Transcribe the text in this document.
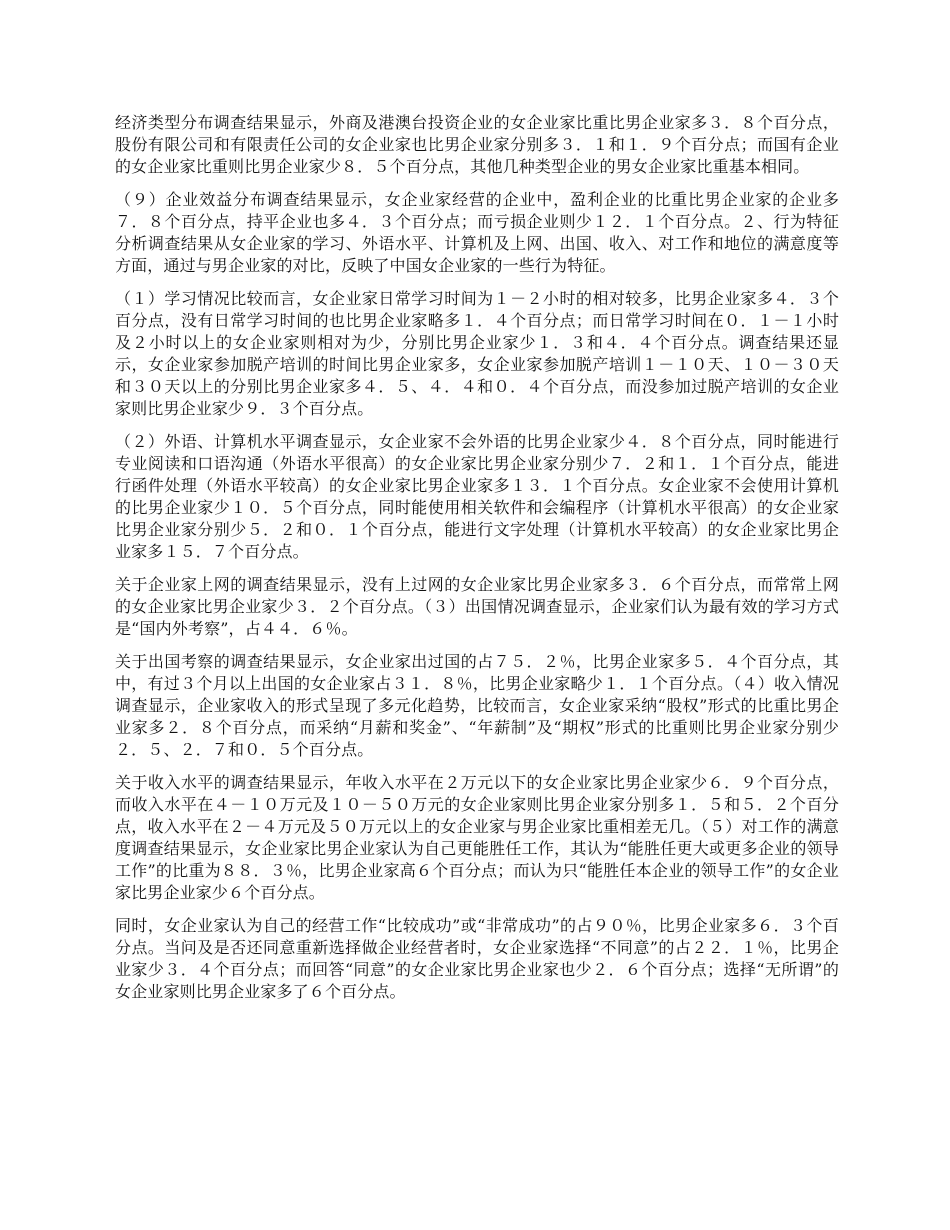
经济类型分布调查结果显示，外商及港澳台投资企业的女企业家比重比男企业家多３．８个百分点，股份有限公司和有限责任公司的女企业家也比男企业家分别多３．１和１．９个百分点；而国有企业的女企业家比重则比男企业家少８．５个百分点，其他几种类型企业的男女企业家比重基本相同。

（９）企业效益分布调查结果显示，女企业家经营的企业中，盈利企业的比重比男企业家的企业多７．８个百分点，持平企业也多４．３个百分点；而亏损企业则少１２．１个百分点。２、行为特征分析调查结果从女企业家的学习、外语水平、计算机及上网、出国、收入、对工作和地位的满意度等方面，通过与男企业家的对比，反映了中国女企业家的一些行为特征。

（１）学习情况比较而言，女企业家日常学习时间为１－２小时的相对较多，比男企业家多４．３个百分点，没有日常学习时间的也比男企业家略多１．４个百分点；而日常学习时间在０．１－１小时及２小时以上的女企业家则相对为少，分别比男企业家少１．３和４．４个百分点。调查结果还显示，女企业家参加脱产培训的时间比男企业家多，女企业家参加脱产培训１－１０天、１０－３０天和３０天以上的分别比男企业家多４．５、４．４和０．４个百分点，而没参加过脱产培训的女企业家则比男企业家少９．３个百分点。

（２）外语、计算机水平调查显示，女企业家不会外语的比男企业家少４．８个百分点，同时能进行专业阅读和口语沟通（外语水平很高）的女企业家比男企业家分别少７．２和１．１个百分点，能进行函件处理（外语水平较高）的女企业家比男企业家多１３．１个百分点。女企业家不会使用计算机的比男企业家少１０．５个百分点，同时能使用相关软件和会编程序（计算机水平很高）的女企业家比男企业家分别少５．２和０．１个百分点，能进行文字处理（计算机水平较高）的女企业家比男企业家多１５．７个百分点。

关于企业家上网的调查结果显示，没有上过网的女企业家比男企业家多３．６个百分点，而常常上网的女企业家比男企业家少３．２个百分点。（３）出国情况调查显示，企业家们认为最有效的学习方式是“国内外考察”，占４４．６％。

关于出国考察的调查结果显示，女企业家出过国的占７５．２％，比男企业家多５．４个百分点，其中，有过３个月以上出国的女企业家占３１．８％，比男企业家略少１．１个百分点。（４）收入情况调查显示，企业家收入的形式呈现了多元化趋势，比较而言，女企业家采纳“股权”形式的比重比男企业家多２．８个百分点，而采纳“月薪和奖金”、“年薪制”及“期权”形式的比重则比男企业家分别少２．５、２．７和０．５个百分点。

关于收入水平的调查结果显示，年收入水平在２万元以下的女企业家比男企业家少６．９个百分点，而收入水平在４－１０万元及１０－５０万元的女企业家则比男企业家分别多１．５和５．２个百分点，收入水平在２－４万元及５０万元以上的女企业家与男企业家比重相差无几。（５）对工作的满意度调查结果显示，女企业家比男企业家认为自己更能胜任工作，其认为“能胜任更大或更多企业的领导工作”的比重为８８．３％，比男企业家高６个百分点；而认为只“能胜任本企业的领导工作”的女企业家比男企业家少６个百分点。

同时，女企业家认为自己的经营工作“比较成功”或“非常成功”的占９０％，比男企业家多６．３个百分点。当问及是否还同意重新选择做企业经营者时，女企业家选择“不同意”的占２２．１％，比男企业家少３．４个百分点；而回答“同意”的女企业家比男企业家也少２．６个百分点；选择“无所谓”的女企业家则比男企业家多了６个百分点。
